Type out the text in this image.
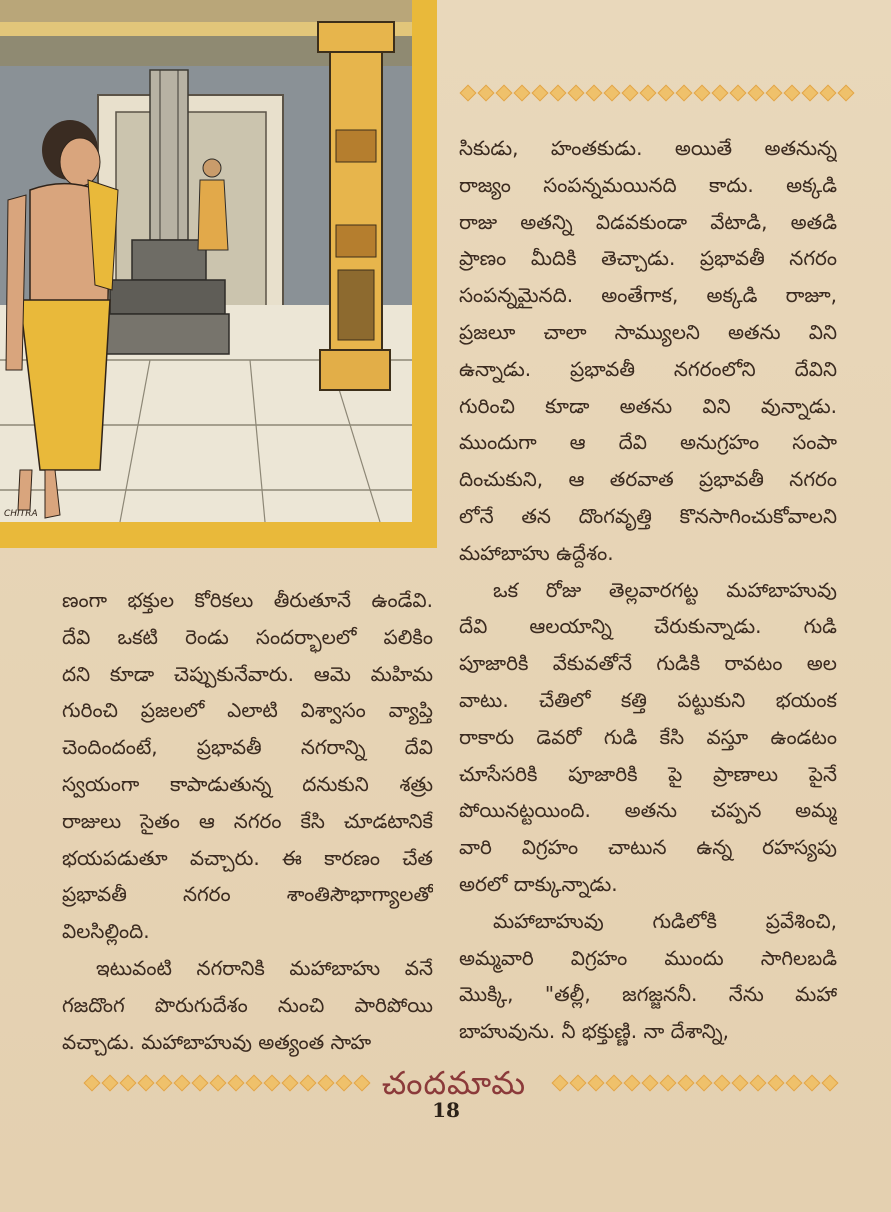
CHITRA
సికుడు, హంతకుడు. అయితే అతనున్న
రాజ్యం సంపన్నమయినది కాదు. అక్కడి
రాజు అతన్ని విడవకుండా వేటాడి, అతడి
ప్రాణం మీదికి తెచ్చాడు. ప్రభావతీ నగరం
సంపన్నమైనది. అంతేగాక, అక్కడి రాజూ,
ప్రజలూ చాలా సామ్యులని అతను విని
ఉన్నాడు. ప్రభావతీ నగరంలోని దేవిని
గురించి కూడా అతను విని వున్నాడు.
ముందుగా ఆ దేవి అనుగ్రహం సంపా
దించుకుని, ఆ తరవాత ప్రభావతీ నగరం
లోనే తన దొంగవృత్తి కొనసాగించుకోవాలని
మహాబాహు ఉద్దేశం.
ఒక రోజు తెల్లవారగట్ట మహాబాహువు
దేవి ఆలయాన్ని చేరుకున్నాడు. గుడి
పూజారికి వేకువతోనే గుడికి రావటం అల
వాటు. చేతిలో కత్తి పట్టుకుని భయంక
రాకారు డెవరో గుడి కేసి వస్తూ ఉండటం
చూసేసరికి పూజారికి పై ప్రాణాలు పైనే
పోయినట్టయింది. అతను చప్పన అమ్మ
వారి విగ్రహం చాటున ఉన్న రహస్యపు
అరలో దాక్కున్నాడు.
మహాబాహువు గుడిలోకి ప్రవేశించి,
అమ్మవారి విగ్రహం ముందు సాగిలబడి
మొక్కి, "తల్లీ, జగజ్జననీ. నేను మహా
బాహువును. నీ భక్తుణ్ణి. నా దేశాన్ని,
ణంగా భక్తుల కోరికలు తీరుతూనే ఉండేవి.
దేవి ఒకటి రెండు సందర్భాలలో పలికిం
దని కూడా చెప్పుకునేవారు. ఆమె మహిమ
గురించి ప్రజలలో ఎలాటి విశ్వాసం వ్యాప్తి
చెందిందంటే, ప్రభావతీ నగరాన్ని దేవి
స్వయంగా కాపాడుతున్న దనుకుని శత్రు
రాజులు సైతం ఆ నగరం కేసి చూడటానికే
భయపడుతూ వచ్చారు. ఈ కారణం చేత
ప్రభావతీ నగరం శాంతిసౌభాగ్యాలతో
విలసిల్లింది.
ఇటువంటి నగరానికి మహాబాహు వనే
గజదొంగ పొరుగుదేశం నుంచి పారిపోయి
వచ్చాడు. మహాబాహువు అత్యంత సాహ
చందమామ
18
